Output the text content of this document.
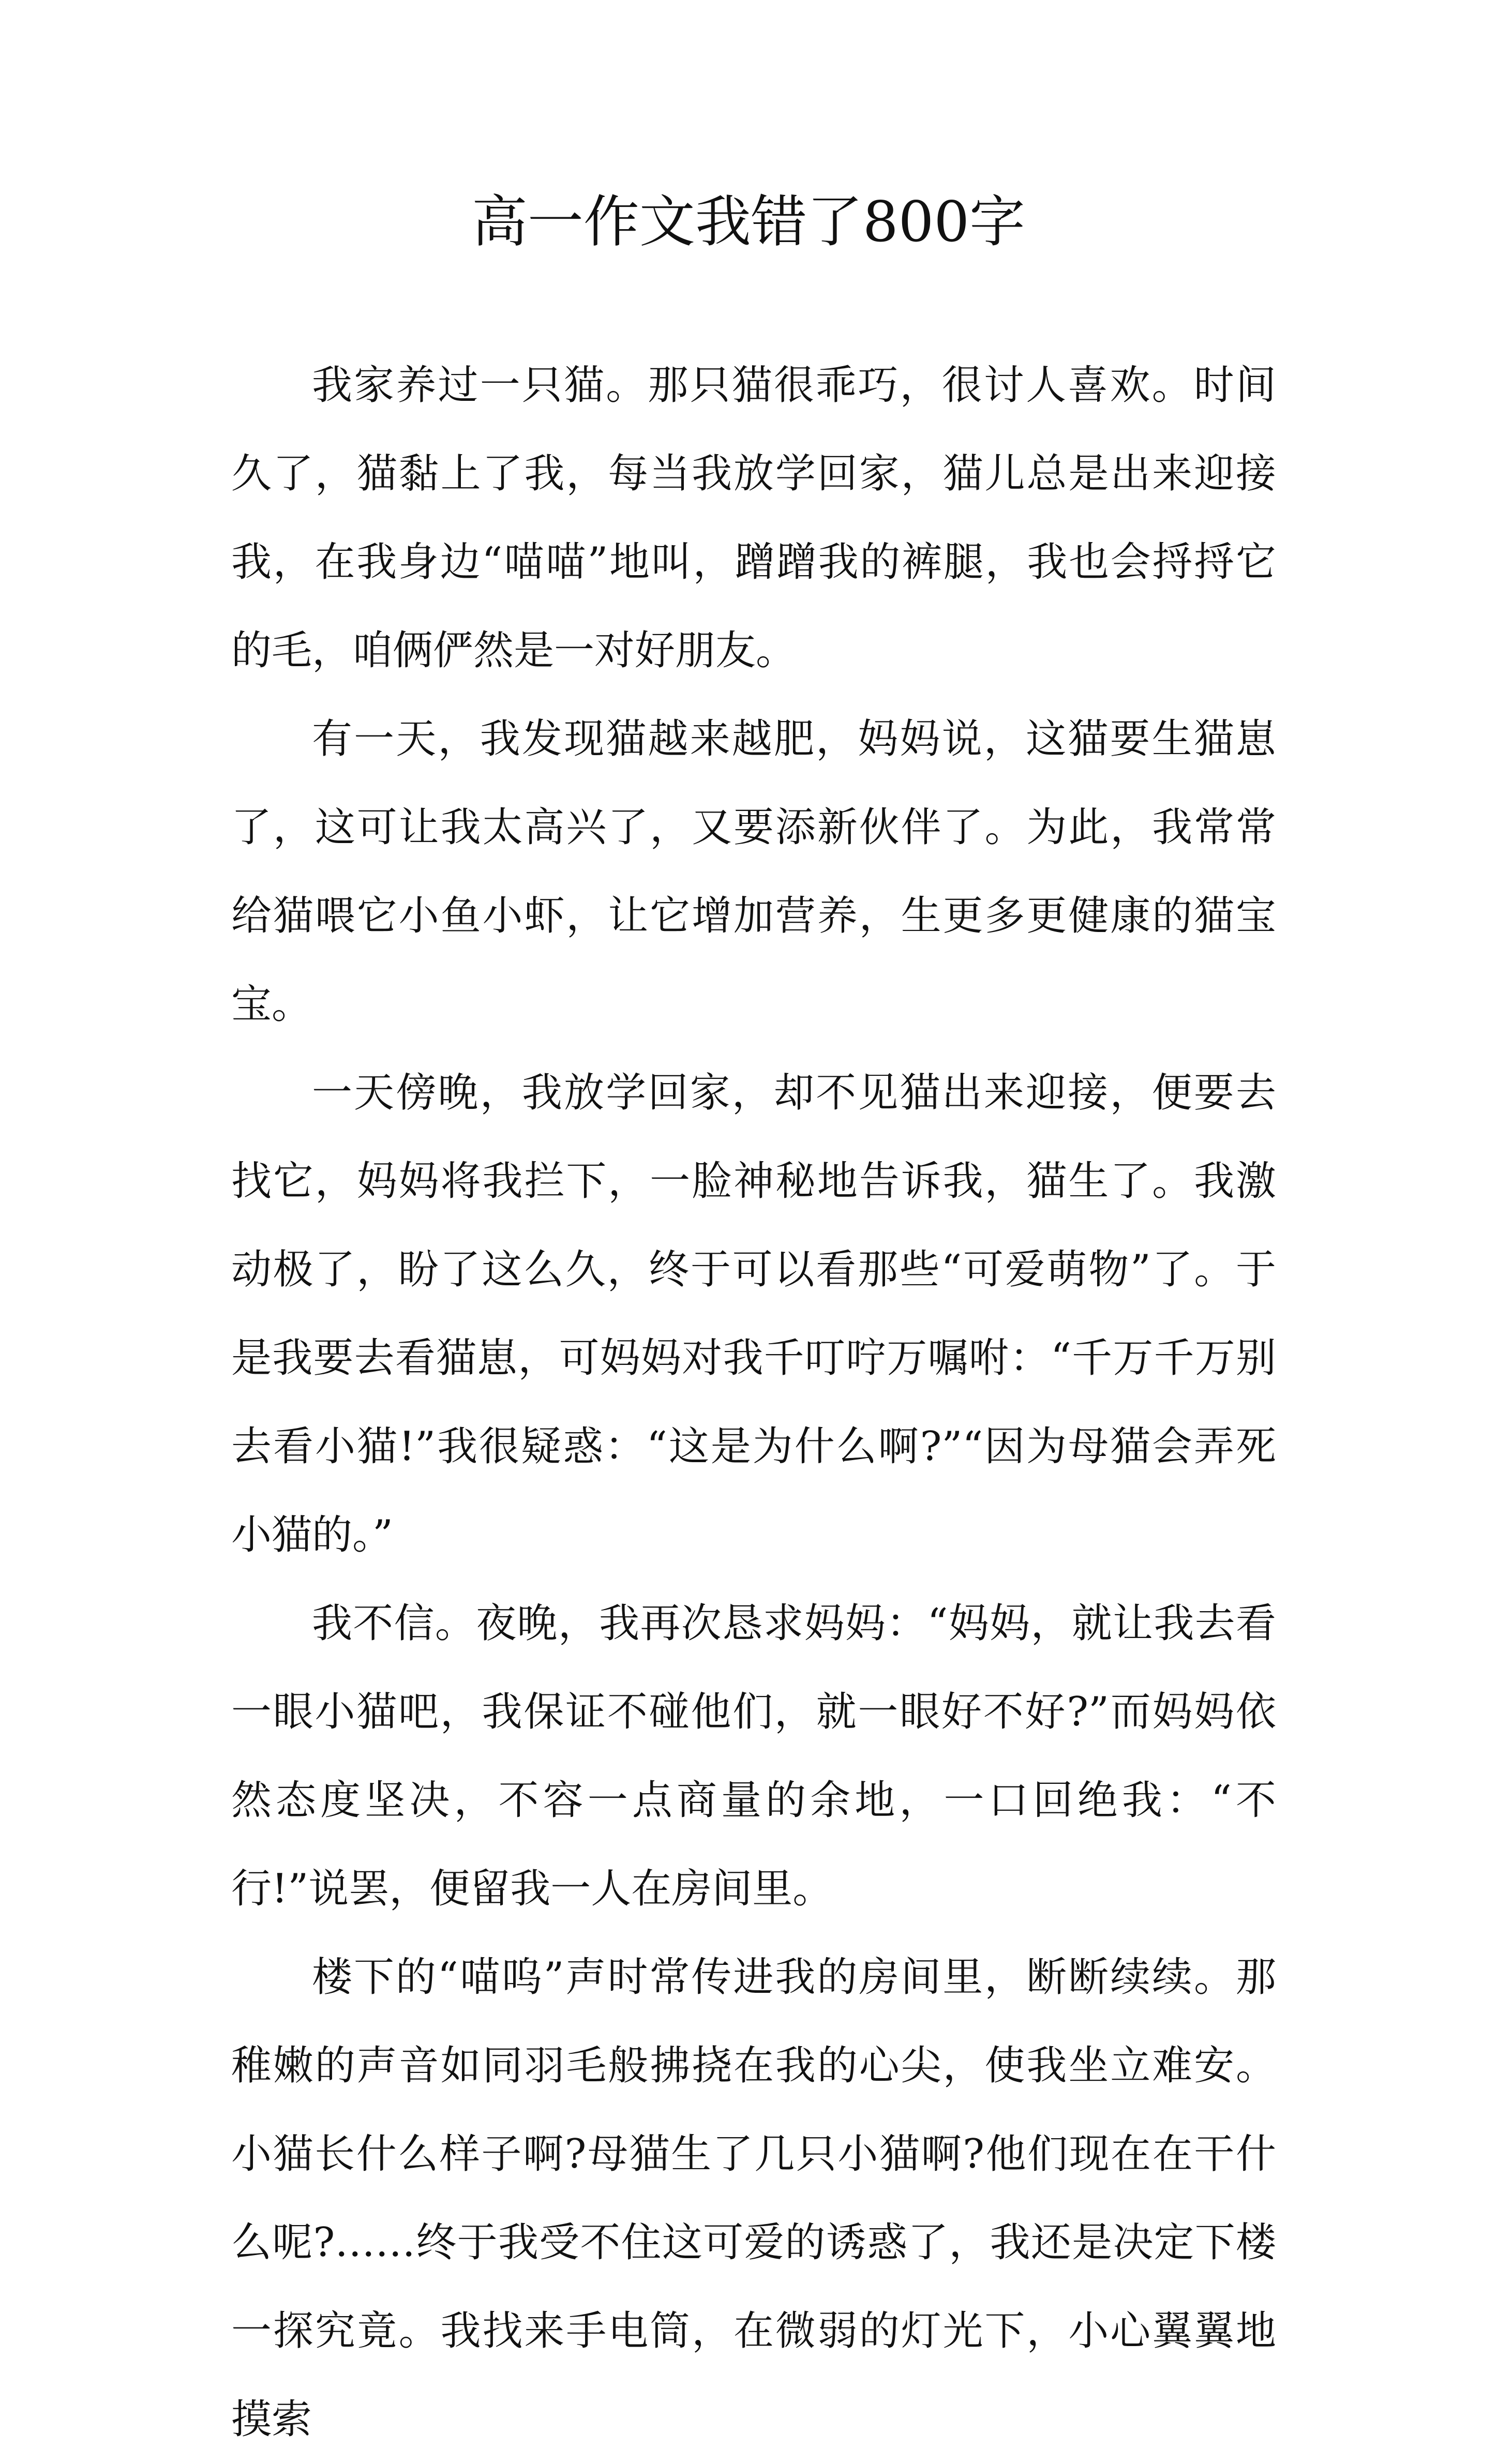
高一作文我错了800字

我家养过一只猫。那只猫很乖巧，很讨人喜欢。时间久了，猫黏上了我，每当我放学回家，猫儿总是出来迎接我，在我身边“喵喵”地叫，蹭蹭我的裤腿，我也会捋捋它的毛，咱俩俨然是一对好朋友。

有一天，我发现猫越来越肥，妈妈说，这猫要生猫崽了，这可让我太高兴了，又要添新伙伴了。为此，我常常给猫喂它小鱼小虾，让它增加营养，生更多更健康的猫宝宝。

一天傍晚，我放学回家，却不见猫出来迎接，便要去找它，妈妈将我拦下，一脸神秘地告诉我，猫生了。我激动极了，盼了这么久，终于可以看那些“可爱萌物”了。于是我要去看猫崽，可妈妈对我千叮咛万嘱咐：“千万千万别去看小猫!”我很疑惑：“这是为什么啊?”“因为母猫会弄死小猫的。”

我不信。夜晚，我再次恳求妈妈：“妈妈，就让我去看一眼小猫吧，我保证不碰他们，就一眼好不好?”而妈妈依然态度坚决，不容一点商量的余地，一口回绝我：“不行!”说罢，便留我一人在房间里。

楼下的“喵呜”声时常传进我的房间里，断断续续。那稚嫩的声音如同羽毛般拂挠在我的心尖，使我坐立难安。小猫长什么样子啊?母猫生了几只小猫啊?他们现在在干什么呢?……终于我受不住这可爱的诱惑了，我还是决定下楼一探究竟。我找来手电筒，在微弱的灯光下，小心翼翼地摸索
